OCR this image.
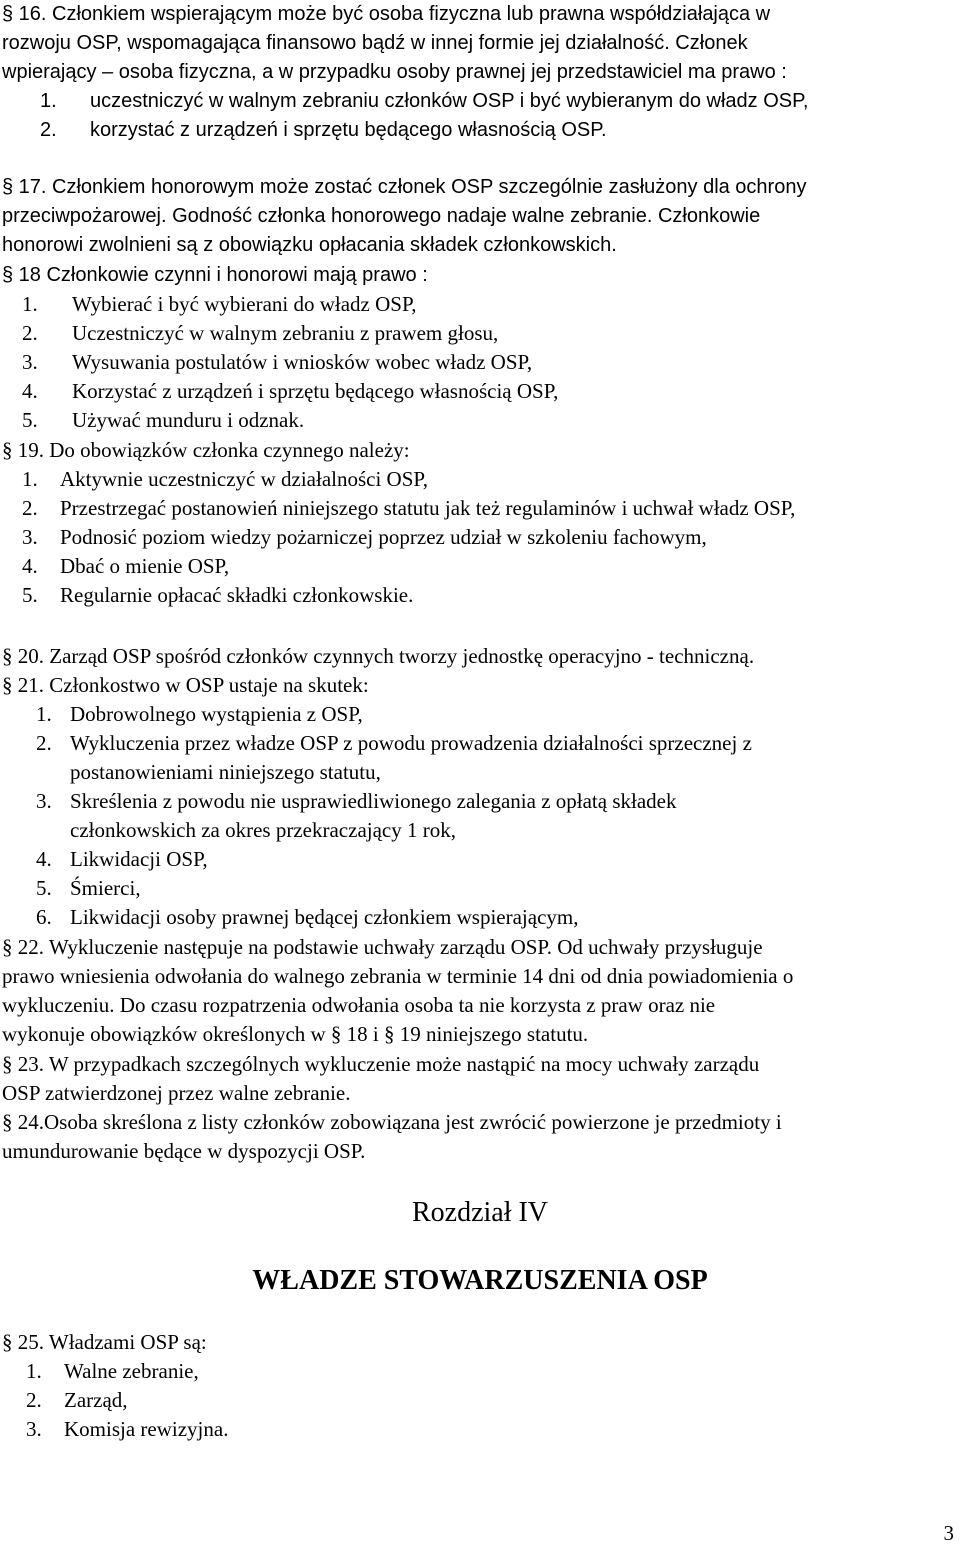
§ 16. Członkiem wspierającym może być osoba fizyczna lub prawna współdziałająca w
rozwoju OSP, wspomagająca finansowo bądź w innej formie jej działalność. Członek
wpierający – osoba fizyczna, a w przypadku osoby prawnej jej przedstawiciel ma prawo :
1. uczestniczyć w walnym zebraniu członków OSP i być wybieranym do władz OSP,
2. korzystać z urządzeń i sprzętu będącego własnością OSP.
§ 17. Członkiem honorowym może zostać członek OSP szczególnie zasłużony dla ochrony
przeciwpożarowej. Godność członka honorowego nadaje walne zebranie. Członkowie
honorowi zwolnieni są z obowiązku opłacania składek członkowskich.
§ 18 Członkowie czynni i honorowi mają prawo :
1. Wybierać i być wybierani do władz OSP,
2. Uczestniczyć w walnym zebraniu z prawem głosu,
3. Wysuwania postulatów i wniosków wobec władz OSP,
4. Korzystać z urządzeń i sprzętu będącego własnością OSP,
5. Używać munduru i odznak.
§ 19. Do obowiązków członka czynnego należy:
1. Aktywnie uczestniczyć w działalności OSP,
2. Przestrzegać postanowień niniejszego statutu jak też regulaminów i uchwał władz OSP,
3. Podnosić poziom wiedzy pożarniczej poprzez udział w szkoleniu fachowym,
4. Dbać o mienie OSP,
5. Regularnie opłacać składki członkowskie.
§ 20. Zarząd OSP spośród członków czynnych tworzy jednostkę operacyjno - techniczną.
§ 21. Członkostwo w OSP ustaje na skutek:
1. Dobrowolnego wystąpienia z OSP,
2. Wykluczenia przez władze OSP z powodu prowadzenia działalności sprzecznej z
postanowieniami niniejszego statutu,
3. Skreślenia z powodu nie usprawiedliwionego zalegania z opłatą składek
członkowskich za okres przekraczający 1 rok,
4. Likwidacji OSP,
5. Śmierci,
6. Likwidacji osoby prawnej będącej członkiem wspierającym,
§ 22. Wykluczenie następuje na podstawie uchwały zarządu OSP. Od uchwały przysługuje
prawo wniesienia odwołania do walnego zebrania w terminie 14 dni od dnia powiadomienia o
wykluczeniu. Do czasu rozpatrzenia odwołania osoba ta nie korzysta z praw oraz nie
wykonuje obowiązków określonych w § 18 i § 19 niniejszego statutu.
§ 23. W przypadkach szczególnych wykluczenie może nastąpić na mocy uchwały zarządu
OSP zatwierdzonej przez walne zebranie.
§ 24.Osoba skreślona z listy członków zobowiązana jest zwrócić powierzone je przedmioty i
umundurowanie będące w dyspozycji OSP.
Rozdział IV
WŁADZE STOWARZUSZENIA OSP
§ 25. Władzami OSP są:
1. Walne zebranie,
2. Zarząd,
3. Komisja rewizyjna.
3
